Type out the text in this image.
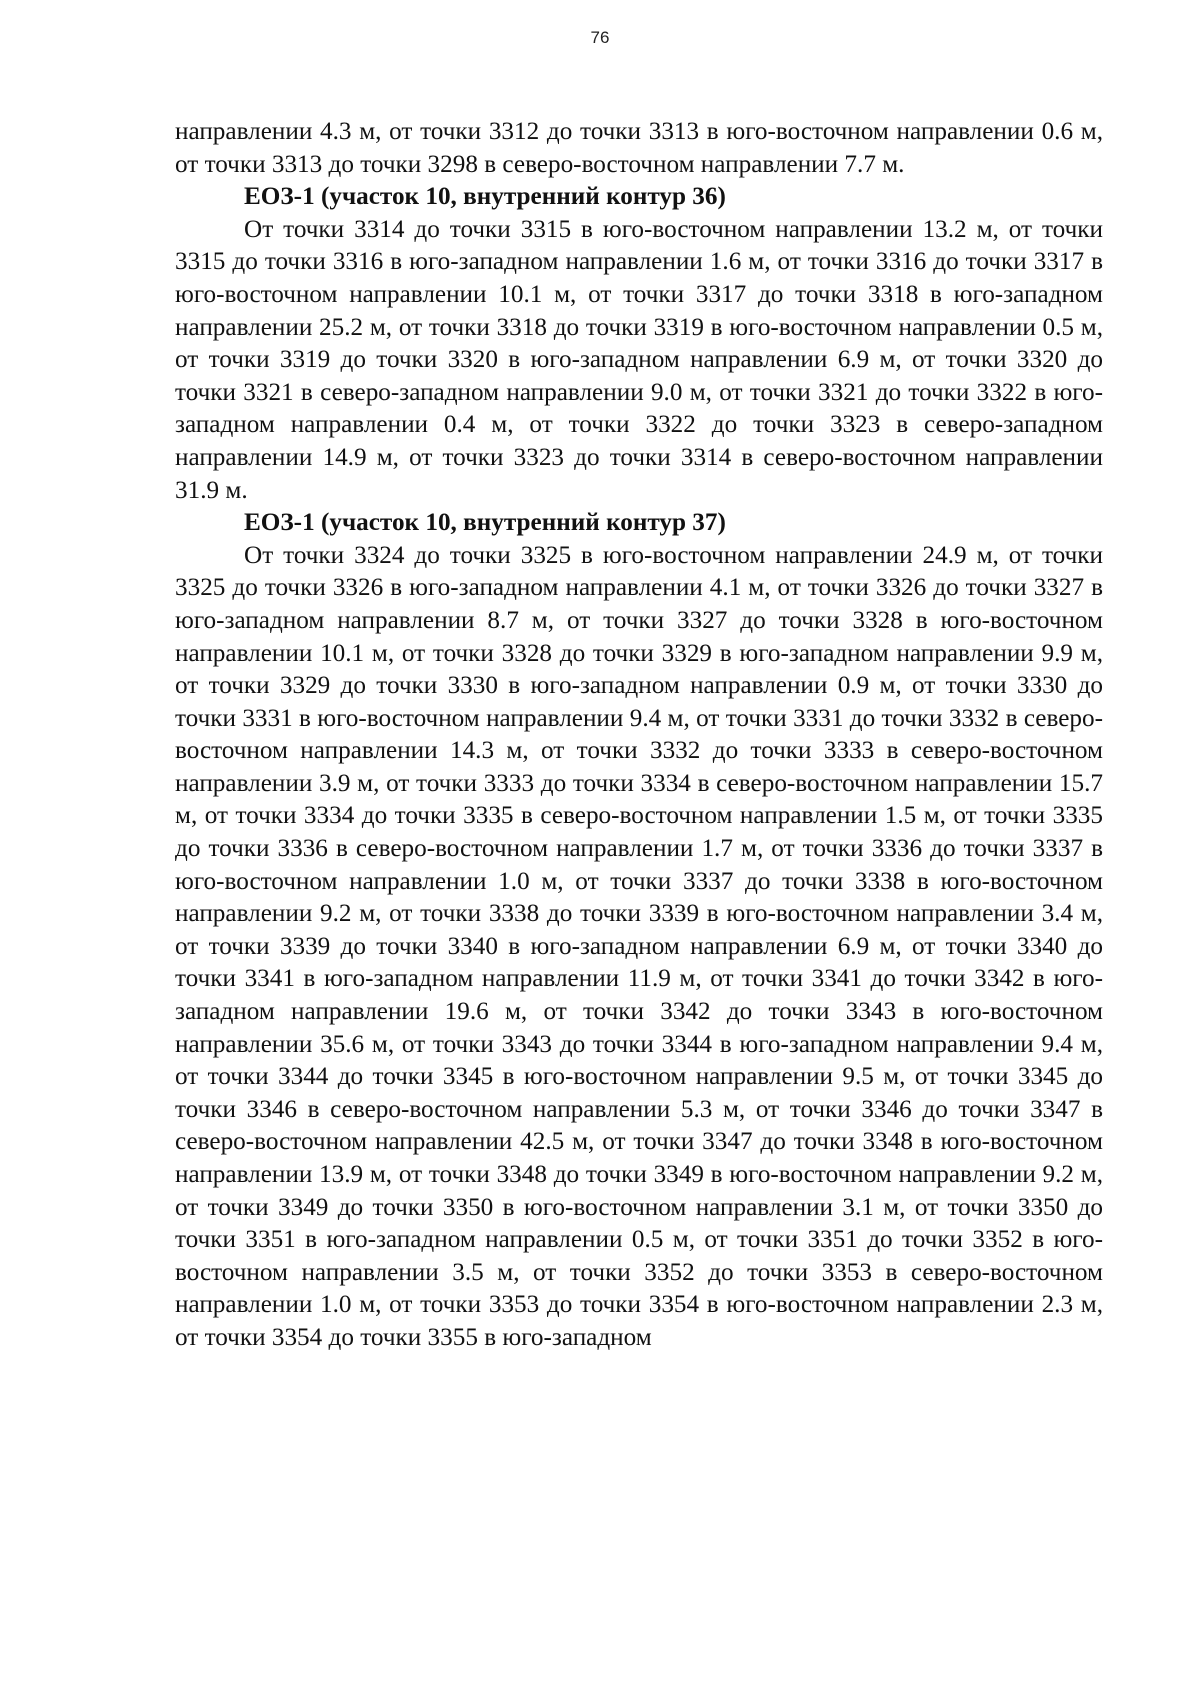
76

направлении 4.3 м, от точки 3312 до точки 3313 в юго-восточном направлении 0.6 м, от точки 3313 до точки 3298 в северо-восточном направлении 7.7 м.

ЕОЗ-1 (участок 10, внутренний контур 36)

От точки 3314 до точки 3315 в юго-восточном направлении 13.2 м, от точки 3315 до точки 3316 в юго-западном направлении 1.6 м, от точки 3316 до точки 3317 в юго-восточном направлении 10.1 м, от точки 3317 до точки 3318 в юго-западном направлении 25.2 м, от точки 3318 до точки 3319 в юго-восточном направлении 0.5 м, от точки 3319 до точки 3320 в юго-западном направлении 6.9 м, от точки 3320 до точки 3321 в северо-западном направлении 9.0 м, от точки 3321 до точки 3322 в юго-западном направлении 0.4 м, от точки 3322 до точки 3323 в северо-западном направлении 14.9 м, от точки 3323 до точки 3314 в северо-восточном направлении 31.9 м.

ЕОЗ-1 (участок 10, внутренний контур 37)

От точки 3324 до точки 3325 в юго-восточном направлении 24.9 м, от точки 3325 до точки 3326 в юго-западном направлении 4.1 м, от точки 3326 до точки 3327 в юго-западном направлении 8.7 м, от точки 3327 до точки 3328 в юго-восточном направлении 10.1 м, от точки 3328 до точки 3329 в юго-западном направлении 9.9 м, от точки 3329 до точки 3330 в юго-западном направлении 0.9 м, от точки 3330 до точки 3331 в юго-восточном направлении 9.4 м, от точки 3331 до точки 3332 в северо-восточном направлении 14.3 м, от точки 3332 до точки 3333 в северо-восточном направлении 3.9 м, от точки 3333 до точки 3334 в северо-восточном направлении 15.7 м, от точки 3334 до точки 3335 в северо-восточном направлении 1.5 м, от точки 3335 до точки 3336 в северо-восточном направлении 1.7 м, от точки 3336 до точки 3337 в юго-восточном направлении 1.0 м, от точки 3337 до точки 3338 в юго-восточном направлении 9.2 м, от точки 3338 до точки 3339 в юго-восточном направлении 3.4 м, от точки 3339 до точки 3340 в юго-западном направлении 6.9 м, от точки 3340 до точки 3341 в юго-западном направлении 11.9 м, от точки 3341 до точки 3342 в юго-западном направлении 19.6 м, от точки 3342 до точки 3343 в юго-восточном направлении 35.6 м, от точки 3343 до точки 3344 в юго-западном направлении 9.4 м, от точки 3344 до точки 3345 в юго-восточном направлении 9.5 м, от точки 3345 до точки 3346 в северо-восточном направлении 5.3 м, от точки 3346 до точки 3347 в северо-восточном направлении 42.5 м, от точки 3347 до точки 3348 в юго-восточном направлении 13.9 м, от точки 3348 до точки 3349 в юго-восточном направлении 9.2 м, от точки 3349 до точки 3350 в юго-восточном направлении 3.1 м, от точки 3350 до точки 3351 в юго-западном направлении 0.5 м, от точки 3351 до точки 3352 в юго-восточном направлении 3.5 м, от точки 3352 до точки 3353 в северо-восточном направлении 1.0 м, от точки 3353 до точки 3354 в юго-восточном направлении 2.3 м, от точки 3354 до точки 3355 в юго-западном
